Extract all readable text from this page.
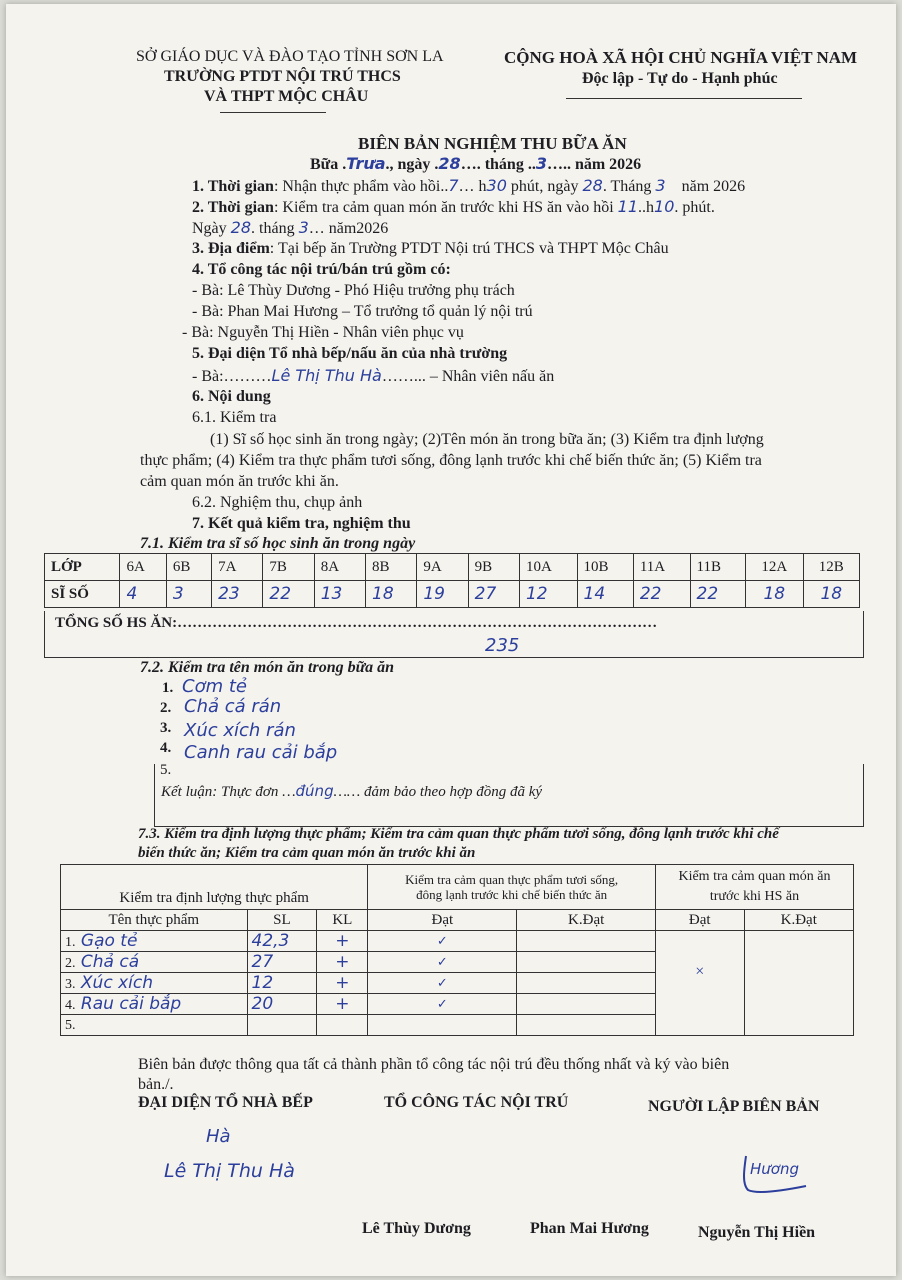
SỞ GIÁO DỤC VÀ ĐÀO TẠO TỈNH SƠN LA
TRƯỜNG PTDT NỘI TRÚ THCS
VÀ THPT MỘC CHÂU
CỘNG HOÀ XÃ HỘI CHỦ NGHĨA VIỆT NAM
Độc lập - Tự do - Hạnh phúc
BIÊN BẢN NGHIỆM THU BỮA ĂN
Bữa .Trưa., ngày .28…. tháng ..3….. năm 2026
1. Thời gian: Nhận thực phẩm vào hồi..7… h30 phút, ngày 28. Tháng 3 năm 2026
2. Thời gian: Kiểm tra cảm quan món ăn trước khi HS ăn vào hồi 11..h10. phút.
Ngày 28. tháng 3… năm2026
3. Địa điểm: Tại bếp ăn Trường PTDT Nội trú THCS và THPT Mộc Châu
4. Tổ công tác nội trú/bán trú gồm có:
- Bà: Lê Thùy Dương - Phó Hiệu trưởng phụ trách
- Bà: Phan Mai Hương – Tổ trưởng tổ quản lý nội trú
- Bà: Nguyễn Thị Hiền - Nhân viên phục vụ
5. Đại diện Tổ nhà bếp/nấu ăn của nhà trường
- Bà:………Lê Thị Thu Hà……... – Nhân viên nấu ăn
6. Nội dung
6.1. Kiểm tra
(1) Sĩ số học sinh ăn trong ngày; (2)Tên món ăn trong bữa ăn; (3) Kiểm tra định lượng
thực phẩm; (4) Kiểm tra thực phẩm tươi sống, đông lạnh trước khi chế biến thức ăn; (5) Kiểm tra
cảm quan món ăn trước khi ăn.
6.2. Nghiệm thu, chụp ảnh
7. Kết quả kiểm tra, nghiệm thu
7.1. Kiểm tra sĩ số học sinh ăn trong ngày
LỚP	6A	6B	7A	7B	8A	8B	9A	9B	10A	10B	11A	11B	12A	12B
SĨ SỐ	4	3	23	22	13	18	19	27	12	14	22	22	18	18
TỔNG SỐ HS ĂN:……………………………………………………………………………………
235
7.2. Kiểm tra tên món ăn trong bữa ăn
1. Cơm tẻ
2. Chả cá rán
3. Xúc xích rán
4. Canh rau cải bắp
5.
Kết luận: Thực đơn …đúng…… đảm bảo theo hợp đồng đã ký
7.3. Kiểm tra định lượng thực phẩm; Kiểm tra cảm quan thực phẩm tươi sống, đông lạnh trước khi chế
biến thức ăn; Kiểm tra cảm quan món ăn trước khi ăn
Kiểm tra định lượng thực phẩm			Kiểm tra cảm quan thực phẩm tươi sống,
đông lạnh trước khi chế biến thức ăn		Kiểm tra cảm quan món ăn
trước khi HS ăn	
Tên thực phẩm	SL	KL	Đạt	K.Đạt	Đạt	K.Đạt
1. Gạo tẻ	42,3	+	✓		×	
2. Chả cá	27	+	✓			
3. Xúc xích	12	+	✓			
4. Rau cải bắp	20	+	✓			
5.						
Biên bản được thông qua tất cả thành phần tổ công tác nội trú đều thống nhất và ký vào biên
bản./.
ĐẠI DIỆN TỔ NHÀ BẾP	TỔ CÔNG TÁC NỘI TRÚ	NGƯỜI LẬP BIÊN BẢN
Hà
Lê Thị Thu Hà	Hương
Lê Thùy Dương	Phan Mai Hương	Nguyễn Thị Hiền
